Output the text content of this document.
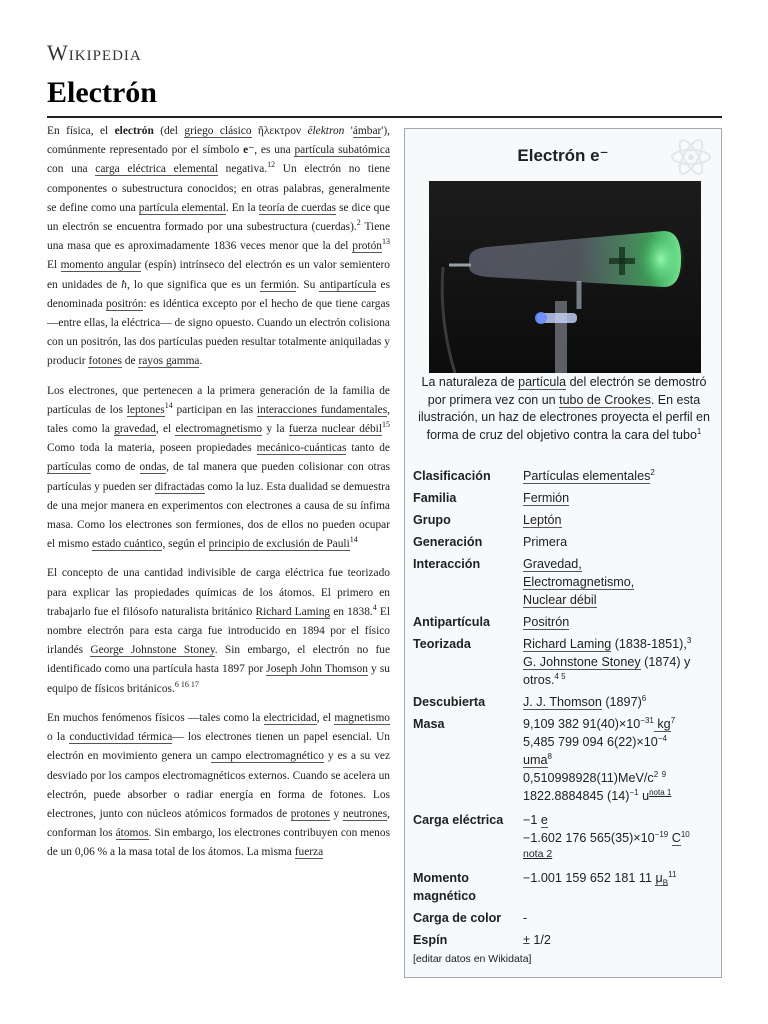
Wikipedia
Electrón

En física, el electrón (del griego clásico ἤλεκτρον ēlektron 'ámbar'), comúnmente representado por el símbolo e⁻, es una partícula subatómica con una carga eléctrica elemental negativa.$^{12}$ Un electrón no tiene componentes o subestructura conocidos; en otras palabras, generalmente se define como una partícula elemental. En la teoría de cuerdas se dice que un electrón se encuentra formado por una subestructura (cuerdas).$^2$ Tiene una masa que es aproximadamente 1836 veces menor que la del protón$^{13}$ El momento angular (espín) intrínseco del electrón es un valor semientero en unidades de ħ, lo que significa que es un fermión. Su antipartícula es denominada positrón: es idéntica excepto por el hecho de que tiene cargas —entre ellas, la eléctrica— de signo opuesto. Cuando un electrón colisiona con un positrón, las dos partículas pueden resultar totalmente aniquiladas y producir fotones de rayos gamma.

Los electrones, que pertenecen a la primera generación de la familia de partículas de los leptones$^{14}$ participan en las interacciones fundamentales, tales como la gravedad, el electromagnetismo y la fuerza nuclear débil$^{15}$ Como toda la materia, poseen propiedades mecánico-cuánticas tanto de partículas como de ondas, de tal manera que pueden colisionar con otras partículas y pueden ser difractadas como la luz. Esta dualidad se demuestra de una mejor manera en experimentos con electrones a causa de su ínfima masa. Como los electrones son fermiones, dos de ellos no pueden ocupar el mismo estado cuántico, según el principio de exclusión de Pauli$^{14}$

El concepto de una cantidad indivisible de carga eléctrica fue teorizado para explicar las propiedades químicas de los átomos. El primero en trabajarlo fue el filósofo naturalista británico Richard Laming en 1838.$^4$ El nombre electrón para esta carga fue introducido en 1894 por el físico irlandés George Johnstone Stoney. Sin embargo, el electrón no fue identificado como una partícula hasta 1897 por Joseph John Thomson y su equipo de físicos británicos.$^{6 16 17}$

En muchos fenómenos físicos —tales como la electricidad, el magnetismo o la conductividad térmica— los electrones tienen un papel esencial. Un electrón en movimiento genera un campo electromagnético y es a su vez desviado por los campos electromagnéticos externos. Cuando se acelera un electrón, puede absorber o radiar energía en forma de fotones. Los electrones, junto con núcleos atómicos formados de protones y neutrones, conforman los átomos. Sin embargo, los electrones contribuyen con menos de un 0,06 % a la masa total de los átomos. La misma fuerza

Electrón e⁻
La naturaleza de partícula del electrón se demostró por primera vez con un tubo de Crookes. En esta ilustración, un haz de electrones proyecta el perfil en forma de cruz del objetivo contra la cara del tubo$^1$
Clasificación	Partículas elementales$^2$
Familia	Fermión
Grupo	Leptón
Generación	Primera
Interacción	Gravedad,
Electromagnetismo,
Nuclear débil
Antipartícula	Positrón
Teorizada	Richard Laming (1838-1851),$^3$
G. Johnstone Stoney (1874) y
otros.$^{4 5}$
Descubierta	J. J. Thomson $(1897)^6$
Masa	9,109 382 $91(40)\times 10^{-31}$ $kg^7$
5,485 799 094 $6(22)\times 10^{-4}$
uma$^8$
$0,510998928(11)MeV/c^2$ $^9$
1822.8884845 $(14)^{-1}$ $u^{nota 1}$
Carga eléctrica	−1 e
−1.602 176 $565(35)\times 10^{-19}$ $C^{10}$
nota 2
Momento magnético
−1.001 159 652 181 11 $\mu_B^{11}$
Carga de color	-
Espín	± 1/2
[editar datos en Wikidata]
